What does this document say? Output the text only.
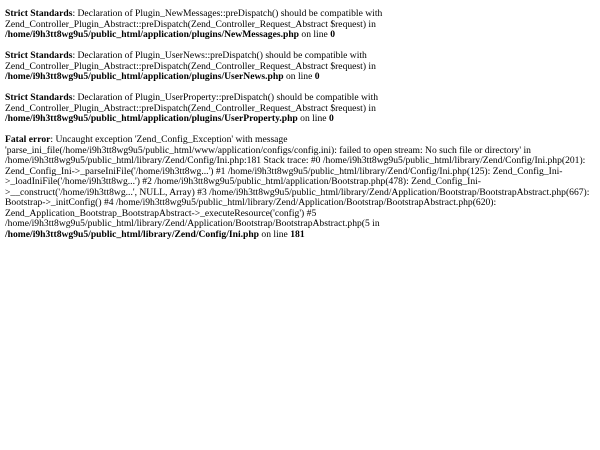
Strict Standards: Declaration of Plugin_NewMessages::preDispatch() should be compatible with Zend_Controller_Plugin_Abstract::preDispatch(Zend_Controller_Request_Abstract $request) in /home/i9h3tt8wg9u5/public_html/application/plugins/NewMessages.php on line 0
Strict Standards: Declaration of Plugin_UserNews::preDispatch() should be compatible with Zend_Controller_Plugin_Abstract::preDispatch(Zend_Controller_Request_Abstract $request) in /home/i9h3tt8wg9u5/public_html/application/plugins/UserNews.php on line 0
Strict Standards: Declaration of Plugin_UserProperty::preDispatch() should be compatible with Zend_Controller_Plugin_Abstract::preDispatch(Zend_Controller_Request_Abstract $request) in /home/i9h3tt8wg9u5/public_html/application/plugins/UserProperty.php on line 0
Fatal error: Uncaught exception 'Zend_Config_Exception' with message 'parse_ini_file(/home/i9h3tt8wg9u5/public_html/www/application/configs/config.ini): failed to open stream: No such file or directory' in /home/i9h3tt8wg9u5/public_html/library/Zend/Config/Ini.php:181 Stack trace: #0 /home/i9h3tt8wg9u5/public_html/library/Zend/Config/Ini.php(201): Zend_Config_Ini->_parseIniFile('/home/i9h3tt8wg...') #1 /home/i9h3tt8wg9u5/public_html/library/Zend/Config/Ini.php(125): Zend_Config_Ini->_loadIniFile('/home/i9h3tt8wg...') #2 /home/i9h3tt8wg9u5/public_html/application/Bootstrap.php(478): Zend_Config_Ini->__construct('/home/i9h3tt8wg...', NULL, Array) #3 /home/i9h3tt8wg9u5/public_html/library/Zend/Application/Bootstrap/BootstrapAbstract.php(667): Bootstrap->_initConfig() #4 /home/i9h3tt8wg9u5/public_html/library/Zend/Application/Bootstrap/BootstrapAbstract.php(620): Zend_Application_Bootstrap_BootstrapAbstract->_executeResource('config') #5 /home/i9h3tt8wg9u5/public_html/library/Zend/Application/Bootstrap/BootstrapAbstract.php(5 in /home/i9h3tt8wg9u5/public_html/library/Zend/Config/Ini.php on line 181
